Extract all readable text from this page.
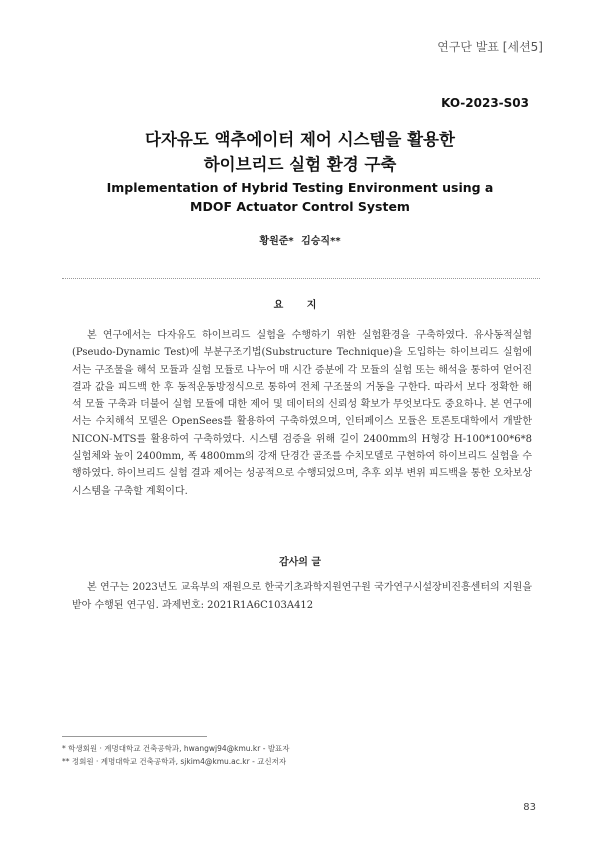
연구단 발표 [세션5]
KO-2023-S03
다자유도 액추에이터 제어 시스템을 활용한
하이브리드 실험 환경 구축
Implementation of Hybrid Testing Environment using a
MDOF Actuator Control System
황원준* 김승직**
요 지
본 연구에서는 다자유도 하이브리드 실험을 수행하기 위한 실험환경을 구축하였다. 유사동적실험(Pseudo-Dynamic Test)에 부분구조기법(Substructure Technique)을 도입하는 하이브리드 실험에서는 구조물을 해석 모듈과 실험 모듈로 나누어 매 시간 증분에 각 모듈의 실험 또는 해석을 통하여 얻어진 결과 값을 피드백 한 후 동적운동방정식으로 통하여 전체 구조물의 거동을 구한다. 따라서 보다 정확한 해석 모듈 구축과 더불어 실험 모듈에 대한 제어 및 데이터의 신뢰성 확보가 무엇보다도 중요하나. 본 연구에서는 수치해석 모델은 OpenSees를 활용하여 구축하였으며, 인터페이스 모듈은 토론토대학에서 개발한 NICON-MTS를 활용하여 구축하였다. 시스템 검증을 위해 길이 2400mm의 H형강 H-100*100*6*8 실험체와 높이 2400mm, 폭 4800mm의 강재 단경간 골조를 수치모델로 구현하여 하이브리드 실험을 수행하였다. 하이브리드 실험 결과 제어는 성공적으로 수행되었으며, 추후 외부 변위 피드백을 통한 오차보상 시스템을 구축할 계획이다.
감사의 글
본 연구는 2023년도 교육부의 재원으로 한국기초과학지원연구원 국가연구시설장비진흥센터의 지원을 받아 수행된 연구임. 과제번호: 2021R1A6C103A412
* 학생회원 · 계명대학교 건축공학과, hwangwj94@kmu.kr - 발표자
** 정회원 · 계명대학교 건축공학과, sjkim4@kmu.ac.kr - 교신저자
83
